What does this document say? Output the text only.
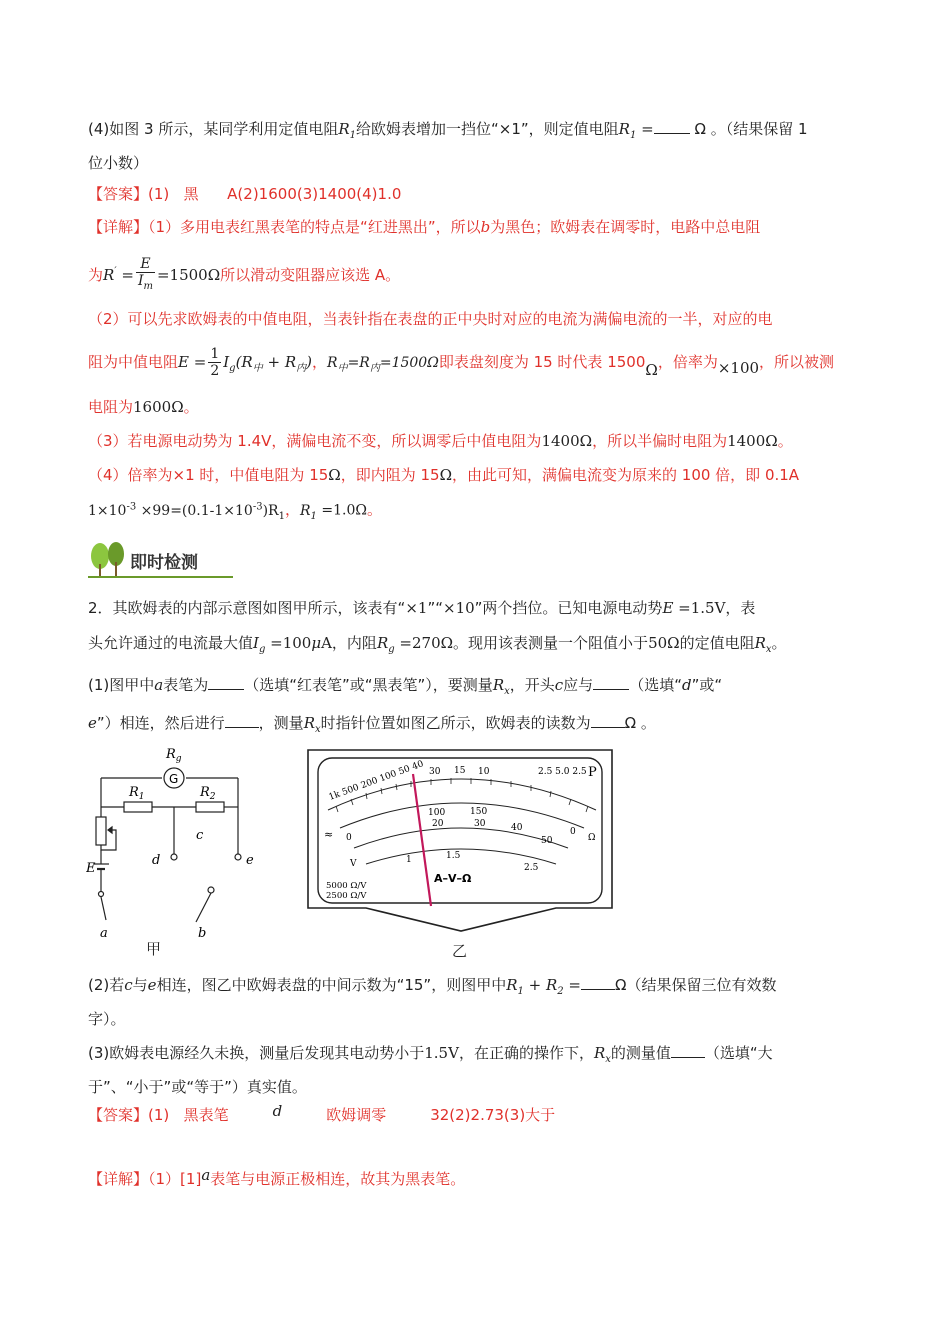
(4)如图 3 所示，某同学利用定值电阻$R_1$给欧姆表增加一挡位“×1”，则定值电阻$R_1$ =	Ω 。（结果保留 1
位小数）
【答案】(1)   黑      A(2)1600(3)1400(4)1.0
【详解】（1）多用电表红黑表笔的特点是“红进黑出”，所以b为黑色；欧姆表在调零时，电路中总电阻
为$R' = \frac{E}{I_m} =1500\Omega$所以滑动变阻器应该选 A。
（2）可以先求欧姆表的中值电阻，当表针指在表盘的正中央时对应的电流为满偏电流的一半，对应的电
阻为中值电阻$E = \frac{1}{2} I_g(R_中 + R_内)$，$R_中=R_内=1500\Omega$即表盘刻度为 15 时代表 1500Ω，倍率为×100，所以被测
电阻为1600Ω。
（3）若电源电动势为 1.4V，满偏电流不变，所以调零后中值电阻为1400Ω，所以半偏时电阻为1400Ω。
（4）倍率为×1 时，中值电阻为 15Ω，即内阻为 15Ω，由此可知，满偏电流变为原来的 100 倍，即 0.1A
$1\times 10^{-3} \times 99=(0.1-1\times 10^{-3})R_1$，$R_1 =1.0\Omega$。
即时检测
2．其欧姆表的内部示意图如图甲所示，该表有“×1”“×10”两个挡位。已知电源电动势E =1.5V，表
头允许通过的电流最大值$I_g =100\mu A$，内阻$R_g =270\Omega$。现用该表测量一个阻值小于50Ω的定值电阻$R_x$。
(1)图甲中a表笔为 （选填“红表笔”或“黑表笔”），要测量$R_x$，开头c应与 （选填“d”或“
e”）相连，然后进行 ，测量$R_x$时指针位置如图乙所示，欧姆表的读数为 Ω 。
$R_g$
G
$R_1$	$R_2$
c
d	e
E
a	b
甲
1k 500 200 100 50 40 30 15 10	2.5 5.0 2.5 P
0
Ω
≈ 0
100	150
20	30	40
50
V	1	1.5
2.5
A–V–Ω
5000 Ω/V
2500 Ω/V
乙
(2)若c与e相连，图乙中欧姆表盘的中间示数为“15”，则图甲中$R_1 + R_2 = \Omega$（结果保留三位有效数
字）。
(3)欧姆表电源经久未换，测量后发现其电动势小于1.5V，在正确的操作下，$R_x$的测量值 （选填“大
于”、“小于”或“等于”）真实值。
【答案】(1)   黑表笔	d	欧姆调零	32(2)2.73(3)大于
【详解】（1）[1]a表笔与电源正极相连，故其为黑表笔。
